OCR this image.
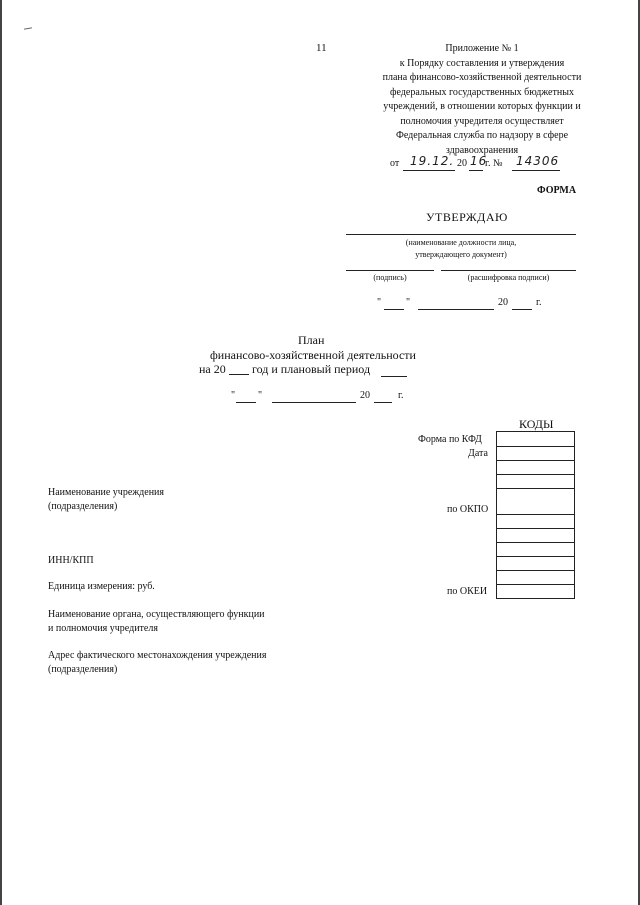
11	Приложение № 1
к Порядку составления и утверждения
плана финансово-хозяйственной деятельности
федеральных государственных бюджетных
учреждений, в отношении которых функции и
полномочия учредителя осуществляет
Федеральная служба по надзору в сфере
здравоохранения
от 19.12. 20 16
г. № 14306
ФОРМА
УТВЕРЖДАЮ
(наименование должности лица,
утверждающего документ)
(подпись)	(расшифровка подписи)
" "	20	г.
План
финансово-хозяйственной деятельности
на 20 год и плановый период
" "	20	г.
КОДЫ

Форма по КФД
Дата
по ОКПО
по ОКЕИ
Наименование учреждения
(подразделения)
ИНН/КПП
Единица измерения: руб.
Наименование органа, осуществляющего функции
и полномочия учредителя
Адрес фактического местонахождения учреждения
(подразделения)
